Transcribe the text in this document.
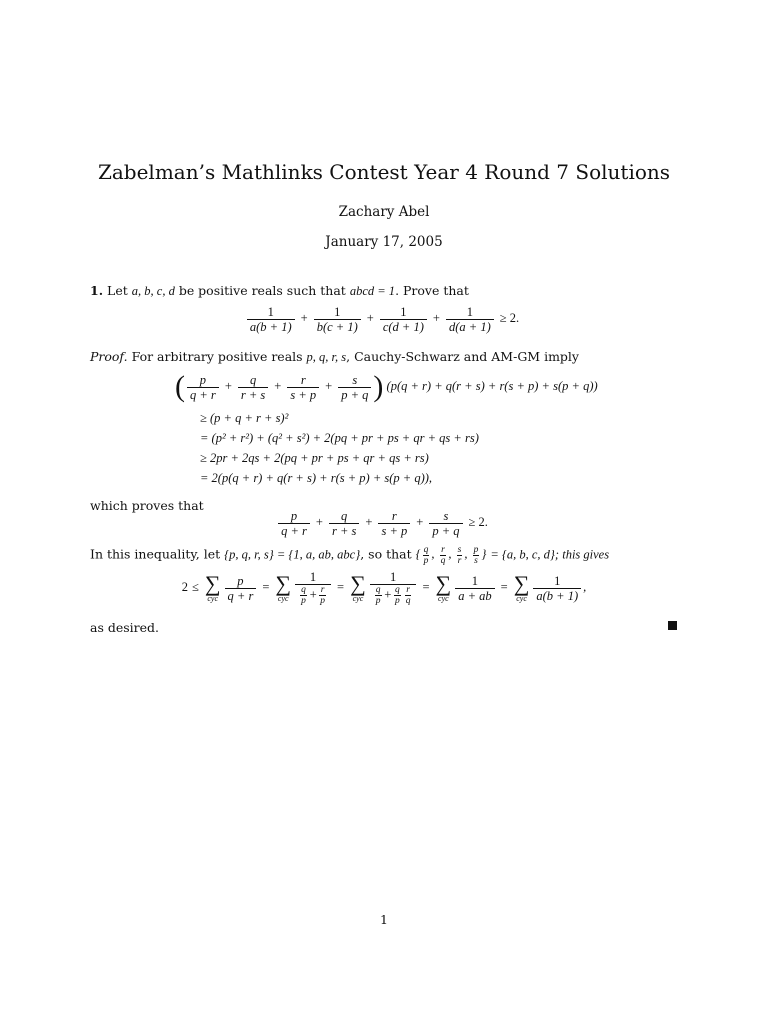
Zabelman’s Mathlinks Contest Year 4 Round 7 Solutions
Zachary Abel
January 17, 2005
1. Let a, b, c, d be positive reals such that abcd = 1. Prove that
$\frac{1}{a(b + 1)} + \frac{1}{b(c + 1)} + \frac{1}{c(d + 1)} + \frac{1}{d(a + 1)} \ge 2$.
Proof. For arbitrary positive reals p, q, r, s, Cauchy-Schwarz and AM-GM imply
( $\frac{p}{q + r} + \frac{q}{r + s} + \frac{r}{s + p} + \frac{s}{p + q}$ ) (p(q + r) + q(r + s) + r(s + p) + s(p + q))
≥ (p + q + r + s)²
= (p² + r²) + (q² + s²) + 2(pq + pr + ps + qr + qs + rs)
≥ 2pr + 2qs + 2(pq + pr + ps + qr + qs + rs)
= 2(p(q + r) + q(r + s) + r(s + p) + s(p + q)),
which proves that
$\frac{p}{q + r} + \frac{q}{r + s} + \frac{r}{s + p} + \frac{s}{p + q} \ge 2$.
In this inequality, let {p, q, r, s} = {1, a, ab, abc}, so that { $\frac{q}{p}$ , $\frac{r}{q}$ , $\frac{s}{r}$ , $\frac{p}{s}$ } = {a, b, c, d}; this gives
2 ≤ ∑
cyc $\frac{p}{q + r}$ = ∑
cyc $\frac{1}{\frac{q}{p} + \frac{r}{p}}$ = ∑
cyc $\frac{1}{\frac{q}{p} + \frac{q}{p} \frac{r}{q}}$ = ∑
cyc $\frac{1}{a + ab}$ = ∑
cyc $\frac{1}{a(b + 1)}$ ,
as desired.
1
